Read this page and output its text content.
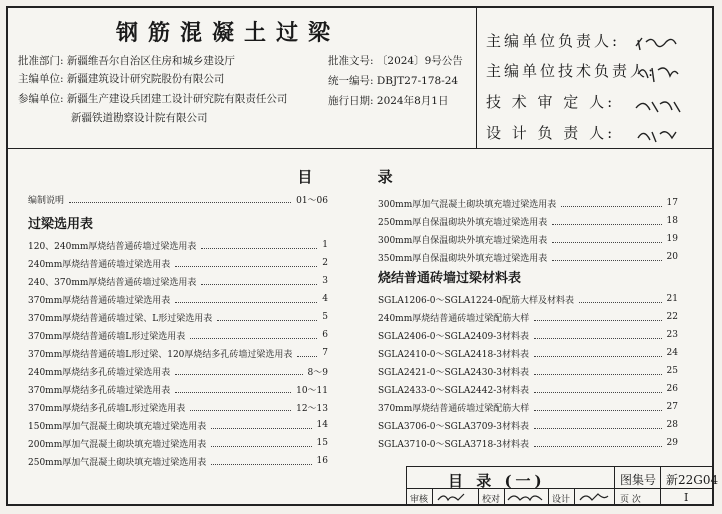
钢筋混凝土过梁
批准部门: 新疆维吾尔自治区住房和城乡建设厅
主编单位: 新疆建筑设计研究院股份有限公司
参编单位: 新疆生产建设兵团建工设计研究院有限责任公司
新疆铁道勘察设计院有限公司
批准文号: 〔2024〕9号公告
统一编号: DBJT27-178-24
施行日期: 2024年8月1日
主编单位负责人:
主编单位技术负责人:
技 术 审 定 人:
设 计 负 责 人:
目 录
编制说明	01～06
过梁选用表
120、240mm厚烧结普通砖墙过梁选用表	1
240mm厚烧结普通砖墙过梁选用表	2
240、370mm厚烧结普通砖墙过梁选用表	3
370mm厚烧结普通砖墙过梁选用表	4
370mm厚烧结普通砖墙过梁、L形过梁选用表	5
370mm厚烧结普通砖墙L形过梁选用表	6
370mm厚烧结普通砖墙L形过梁、120厚烧结多孔砖墙过梁选用表	7
240mm厚烧结多孔砖墙过梁选用表	8～9
370mm厚烧结多孔砖墙过梁选用表	10～11
370mm厚烧结多孔砖墙L形过梁选用表	12～13
150mm厚加气混凝土砌块填充墙过梁选用表	14
200mm厚加气混凝土砌块填充墙过梁选用表	15
250mm厚加气混凝土砌块填充墙过梁选用表	16
300mm厚加气混凝土砌块填充墙过梁选用表	17
250mm厚自保温砌块外填充墙过梁选用表	18
300mm厚自保温砌块外填充墙过梁选用表	19
350mm厚自保温砌块外填充墙过梁选用表	20
烧结普通砖墙过梁材料表
SGLA1206-0～SGLA1224-0配筋大样及材料表	21
240mm厚烧结普通砖墙过梁配筋大样	22
SGLA2406-0～SGLA2409-3材料表	23
SGLA2410-0～SGLA2418-3材料表	24
SGLA2421-0～SGLA2430-3材料表	25
SGLA2433-0～SGLA2442-3材料表	26
370mm厚烧结普通砖墙过梁配筋大样	27
SGLA3706-0～SGLA3709-3材料表	28
SGLA3710-0～SGLA3718-3材料表	29
目 录 (一)	图集号 新22G04
审核	校对	设计	页 次	Ⅰ
